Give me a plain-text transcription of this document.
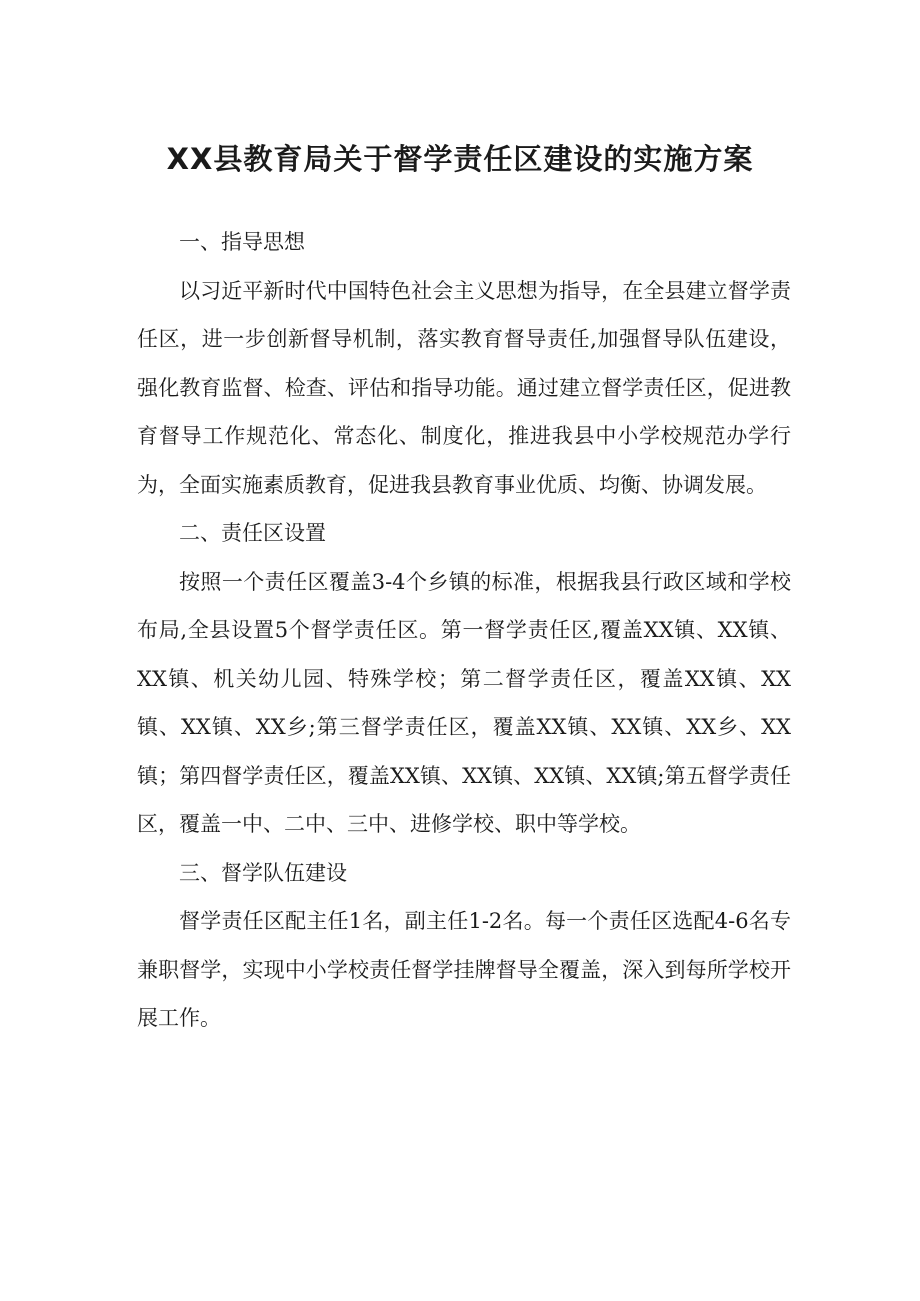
XX县教育局关于督学责任区建设的实施方案

一、指导思想

以习近平新时代中国特色社会主义思想为指导，在全县建立督学责任区，进一步创新督导机制，落实教育督导责任,加强督导队伍建设，强化教育监督、检查、评估和指导功能。通过建立督学责任区，促进教育督导工作规范化、常态化、制度化，推进我县中小学校规范办学行为，全面实施素质教育，促进我县教育事业优质、均衡、协调发展。

二、责任区设置

按照一个责任区覆盖3-4个乡镇的标准，根据我县行政区域和学校布局,全县设置5个督学责任区。第一督学责任区,覆盖XX镇、XX镇、XX镇、机关幼儿园、特殊学校；第二督学责任区，覆盖XX镇、XX镇、XX镇、XX乡;第三督学责任区，覆盖XX镇、XX镇、XX乡、XX镇；第四督学责任区，覆盖XX镇、XX镇、XX镇、XX镇;第五督学责任区，覆盖一中、二中、三中、进修学校、职中等学校。

三、督学队伍建设

督学责任区配主任1名，副主任1-2名。每一个责任区选配4-6名专兼职督学，实现中小学校责任督学挂牌督导全覆盖，深入到每所学校开展工作。
